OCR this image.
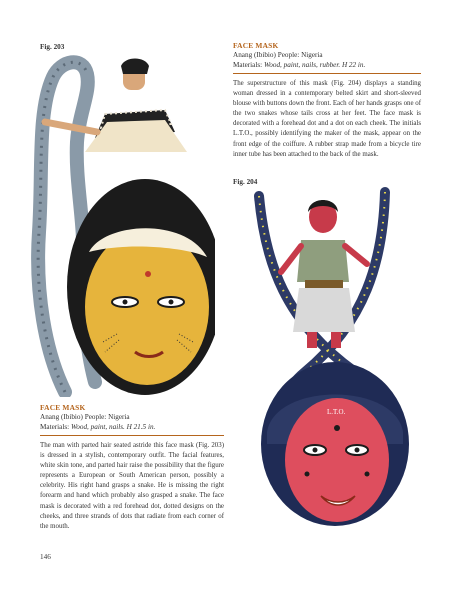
Fig. 203	FACE MASK
Anang (Ibibio) People: Nigeria
Materials: Wood, paint, nails, rubber. H 22 in.
The superstructure of this mask (Fig. 204) displays a standing woman dressed in a contemporary belted skirt and short-sleeved blouse with buttons down the front. Each of her hands grasps one of the two snakes whose tails cross at her feet. The face mask is decorated with a forehead dot and a dot on each cheek. The initials L.T.O., possibly identifying the maker of the mask, appear on the front edge of the coiffure. A rubber strap made from a bicycle tire inner tube has been attached to the back of the mask.
Fig. 204
L.T.O.
FACE MASK
Anang (Ibibio) People: Nigeria
Materials: Wood, paint, nails. H 21.5 in.
The man with parted hair seated astride this face mask (Fig. 203) is dressed in a stylish, contemporary outfit. The facial features, white skin tone, and parted hair raise the possibility that the figure represents a European or South American person, possibly a celebrity. His right hand grasps a snake. He is missing the right forearm and hand which probably also grasped a snake. The face mask is decorated with a red forehead dot, dotted designs on the cheeks, and three strands of dots that radiate from each corner of the mouth.
146
